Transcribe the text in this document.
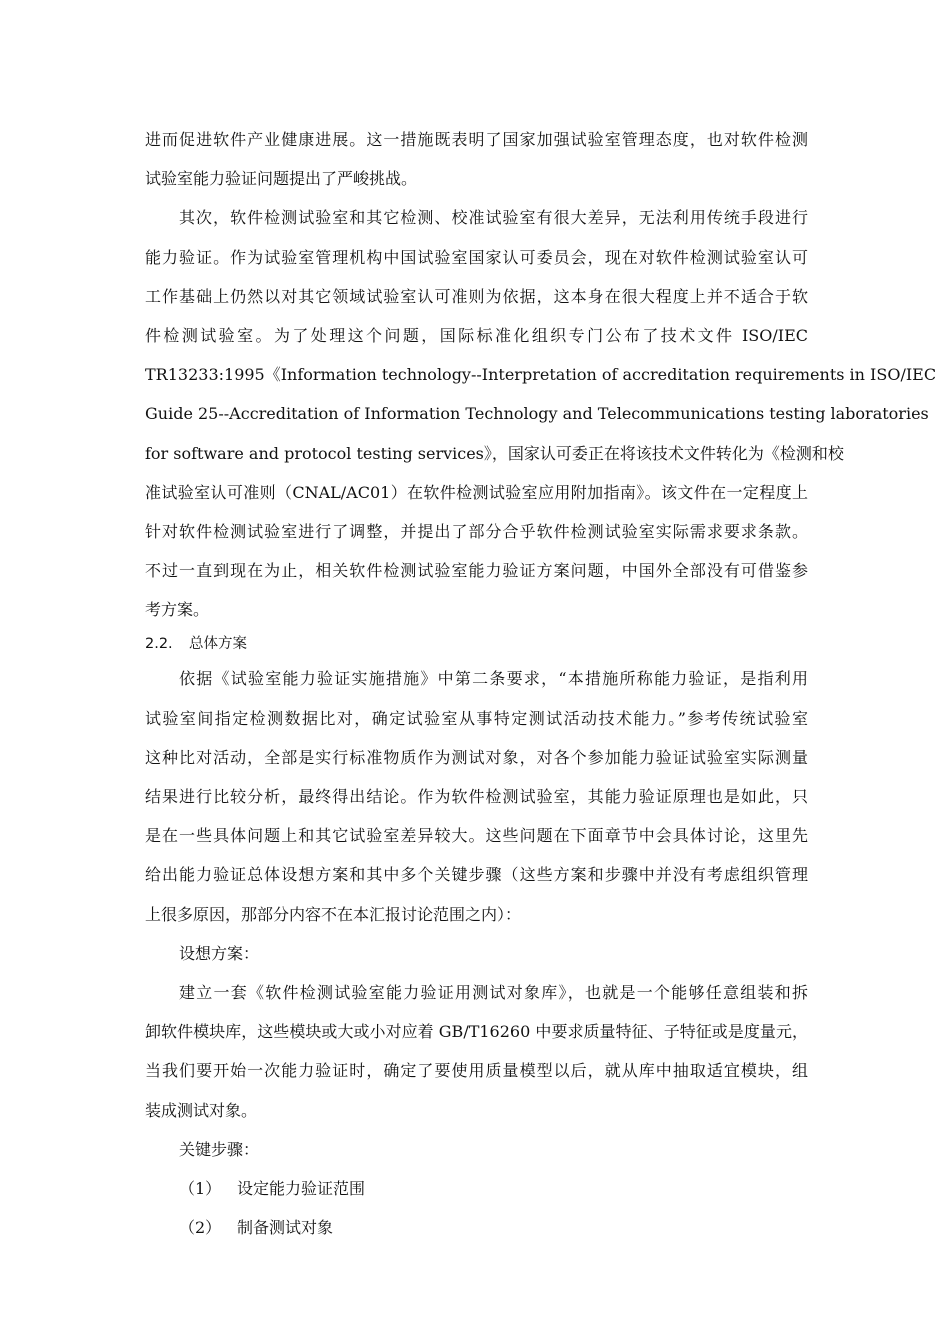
进而促进软件产业健康进展。这一措施既表明了国家加强试验室管理态度，也对软件检测
试验室能力验证问题提出了严峻挑战。
其次，软件检测试验室和其它检测、校准试验室有很大差异，无法利用传统手段进行
能力验证。作为试验室管理机构中国试验室国家认可委员会，现在对软件检测试验室认可
工作基础上仍然以对其它领域试验室认可准则为依据，这本身在很大程度上并不适合于软
件检测试验室。为了处理这个问题，国际标准化组织专门公布了技术文件 ISO/IEC
TR13233:1995《Information technology--Interpretation of accreditation requirements in ISO/IEC
Guide 25--Accreditation of Information Technology and Telecommunications testing laboratories
for software and protocol testing services》，国家认可委正在将该技术文件转化为《检测和校
准试验室认可准则（CNAL/AC01）在软件检测试验室应用附加指南》。该文件在一定程度上
针对软件检测试验室进行了调整，并提出了部分合乎软件检测试验室实际需求要求条款。
不过一直到现在为止，相关软件检测试验室能力验证方案问题，中国外全部没有可借鉴参
考方案。
2.2. 总体方案
依据《试验室能力验证实施措施》中第二条要求，“本措施所称能力验证，是指利用
试验室间指定检测数据比对，确定试验室从事特定测试活动技术能力。”参考传统试验室
这种比对活动，全部是实行标准物质作为测试对象，对各个参加能力验证试验室实际测量
结果进行比较分析，最终得出结论。作为软件检测试验室，其能力验证原理也是如此，只
是在一些具体问题上和其它试验室差异较大。这些问题在下面章节中会具体讨论，这里先
给出能力验证总体设想方案和其中多个关键步骤（这些方案和步骤中并没有考虑组织管理
上很多原因，那部分内容不在本汇报讨论范围之内）：
设想方案：
建立一套《软件检测试验室能力验证用测试对象库》，也就是一个能够任意组装和拆
卸软件模块库，这些模块或大或小对应着 GB/T16260 中要求质量特征、子特征或是度量元，
当我们要开始一次能力验证时，确定了要使用质量模型以后，就从库中抽取适宜模块，组
装成测试对象。
关键步骤：
（1） 设定能力验证范围
（2） 制备测试对象
